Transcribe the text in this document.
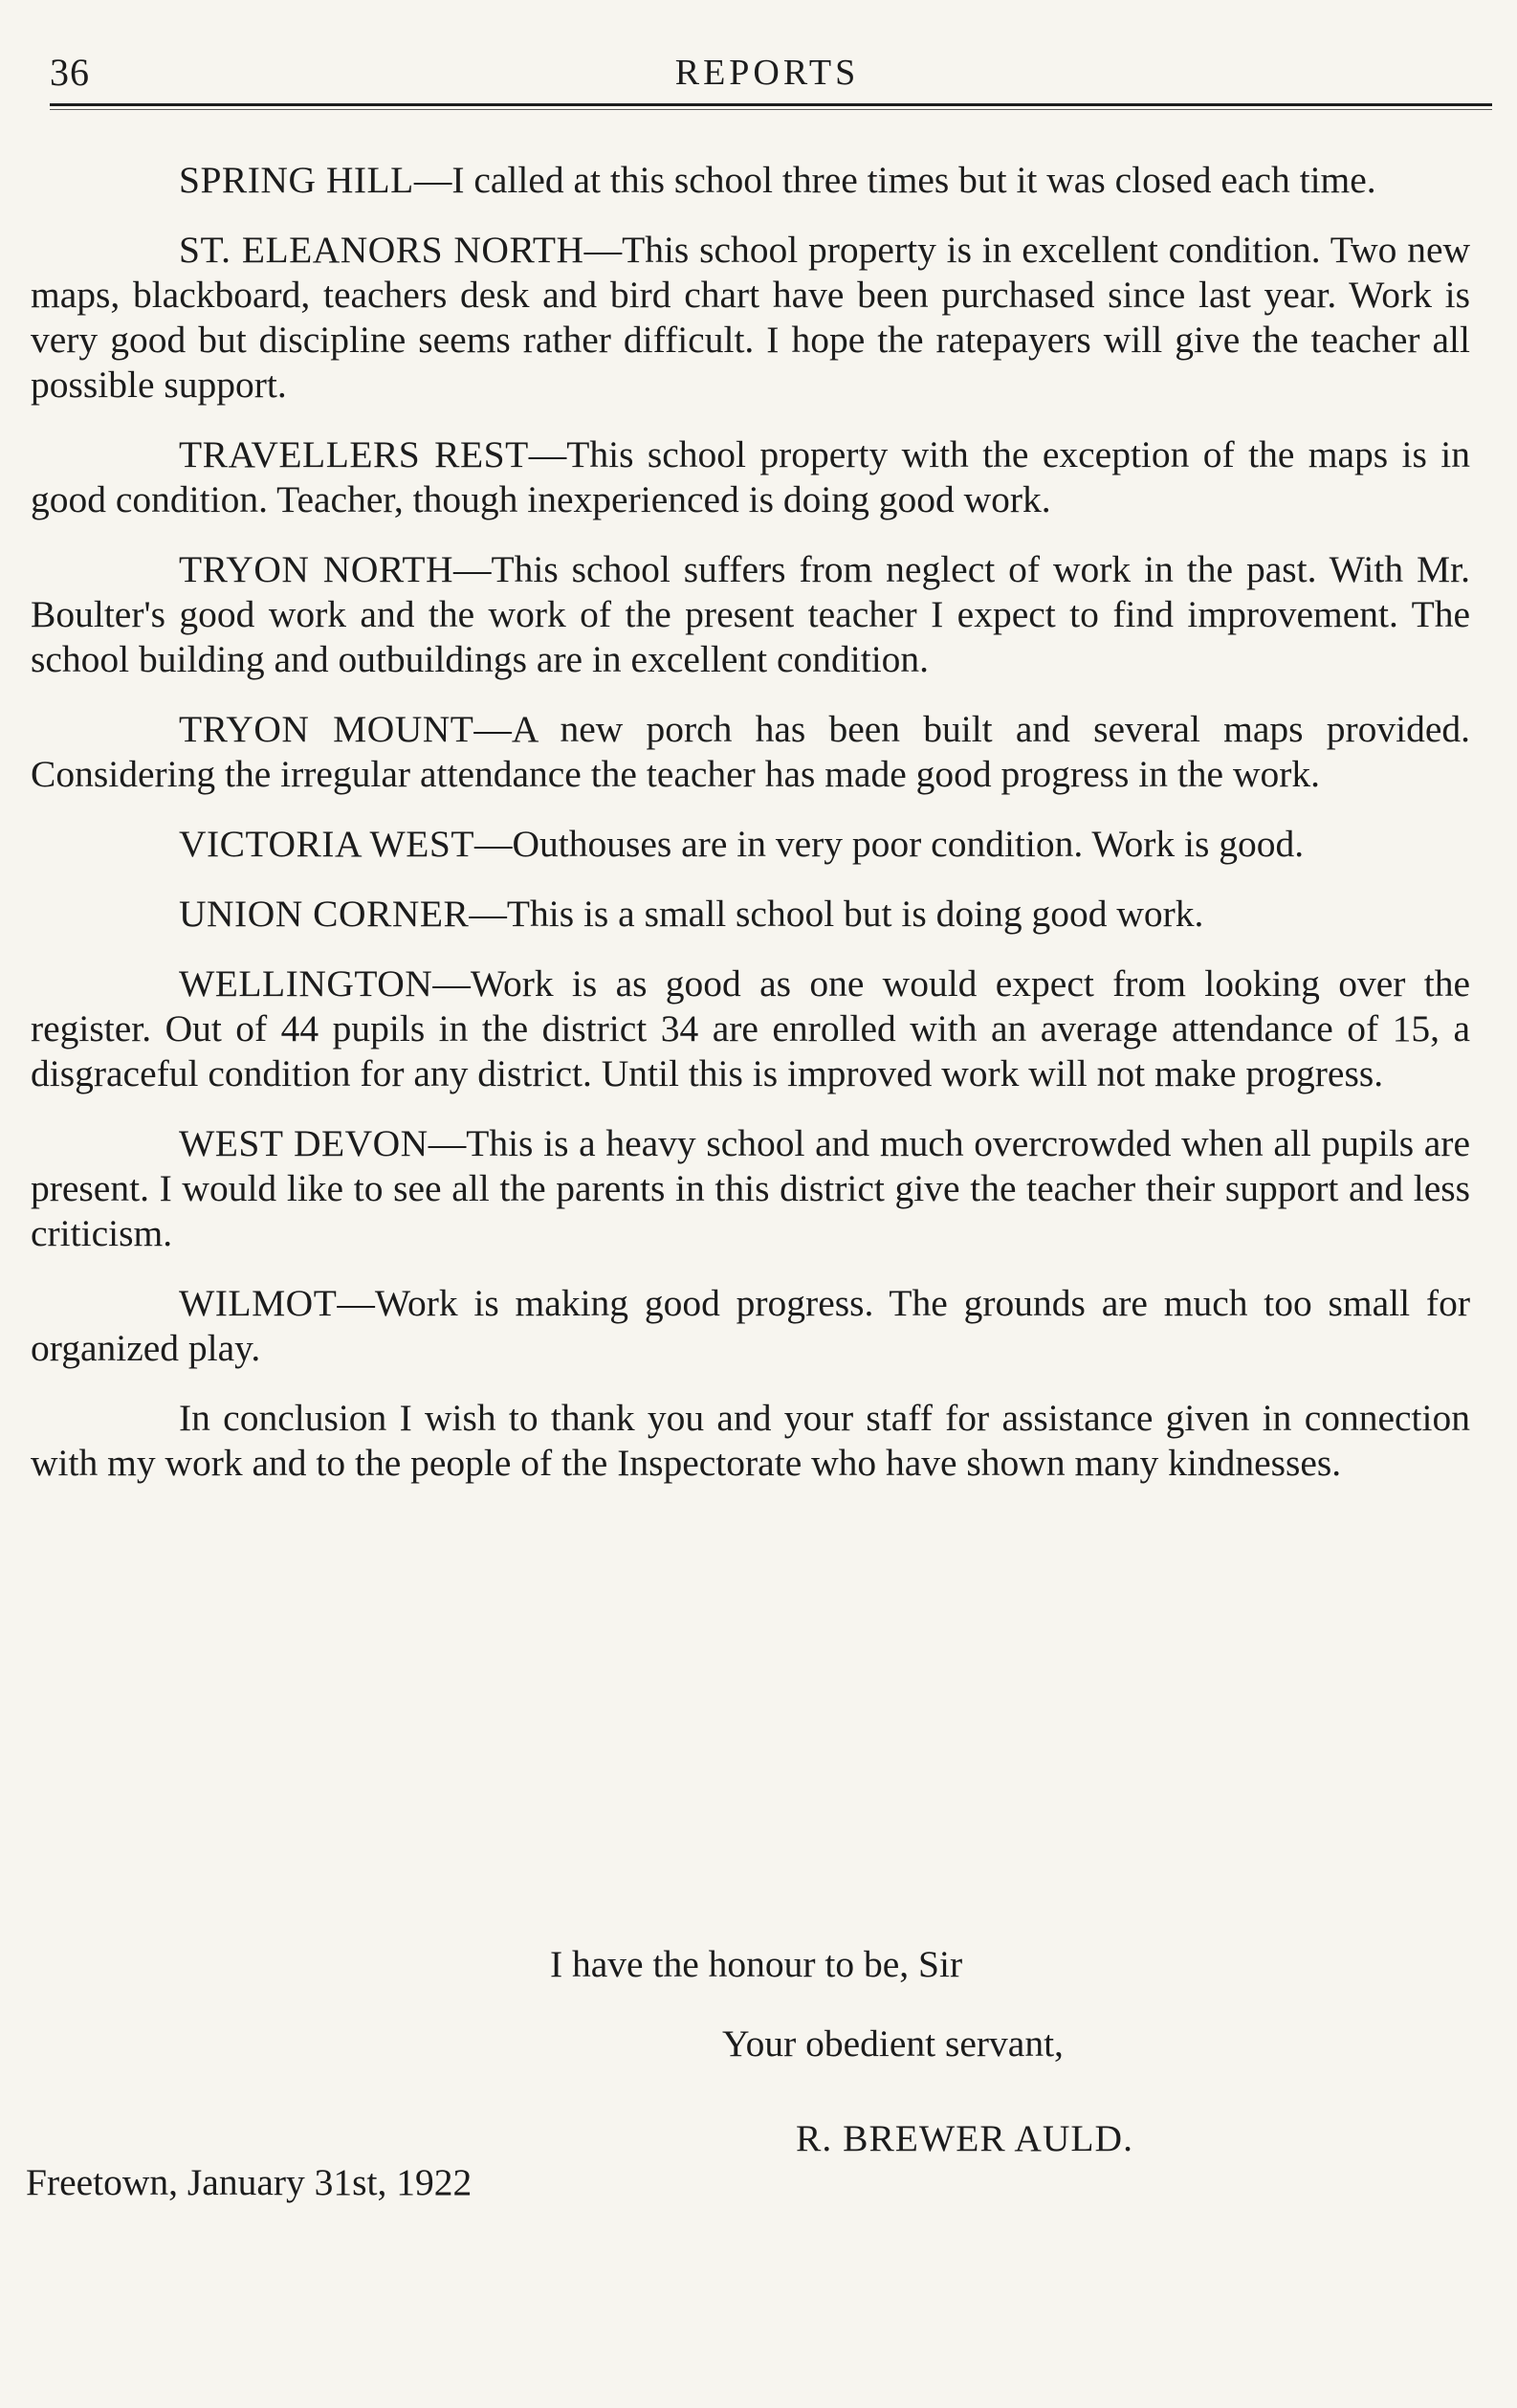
36	REPORTS

SPRING HILL—I called at this school three times but it was closed each time.

ST. ELEANORS NORTH—This school property is in excellent condition. Two new maps, blackboard, teachers desk and bird chart have been purchased since last year. Work is very good but discipline seems rather difficult. I hope the ratepayers will give the teacher all possible support.

TRAVELLERS REST—This school property with the exception of the maps is in good condition. Teacher, though inexperienced is doing good work.

TRYON NORTH—This school suffers from neglect of work in the past. With Mr. Boulter's good work and the work of the present teacher I expect to find improvement. The school building and outbuildings are in excellent condition.

TRYON MOUNT—A new porch has been built and several maps provided. Considering the irregular attendance the teacher has made good progress in the work.

VICTORIA WEST—Outhouses are in very poor condition. Work is good.

UNION CORNER—This is a small school but is doing good work.

WELLINGTON—Work is as good as one would expect from looking over the register. Out of 44 pupils in the district 34 are enrolled with an average attendance of 15, a disgraceful condition for any district. Until this is improved work will not make progress.

WEST DEVON—This is a heavy school and much overcrowded when all pupils are present. I would like to see all the parents in this district give the teacher their support and less criticism.

WILMOT—Work is making good progress. The grounds are much too small for organized play.

In conclusion I wish to thank you and your staff for assistance given in connection with my work and to the people of the Inspectorate who have shown many kindnesses.

I have the honour to be, Sir
Your obedient servant,
R. BREWER AULD.
Freetown, January 31st, 1922
